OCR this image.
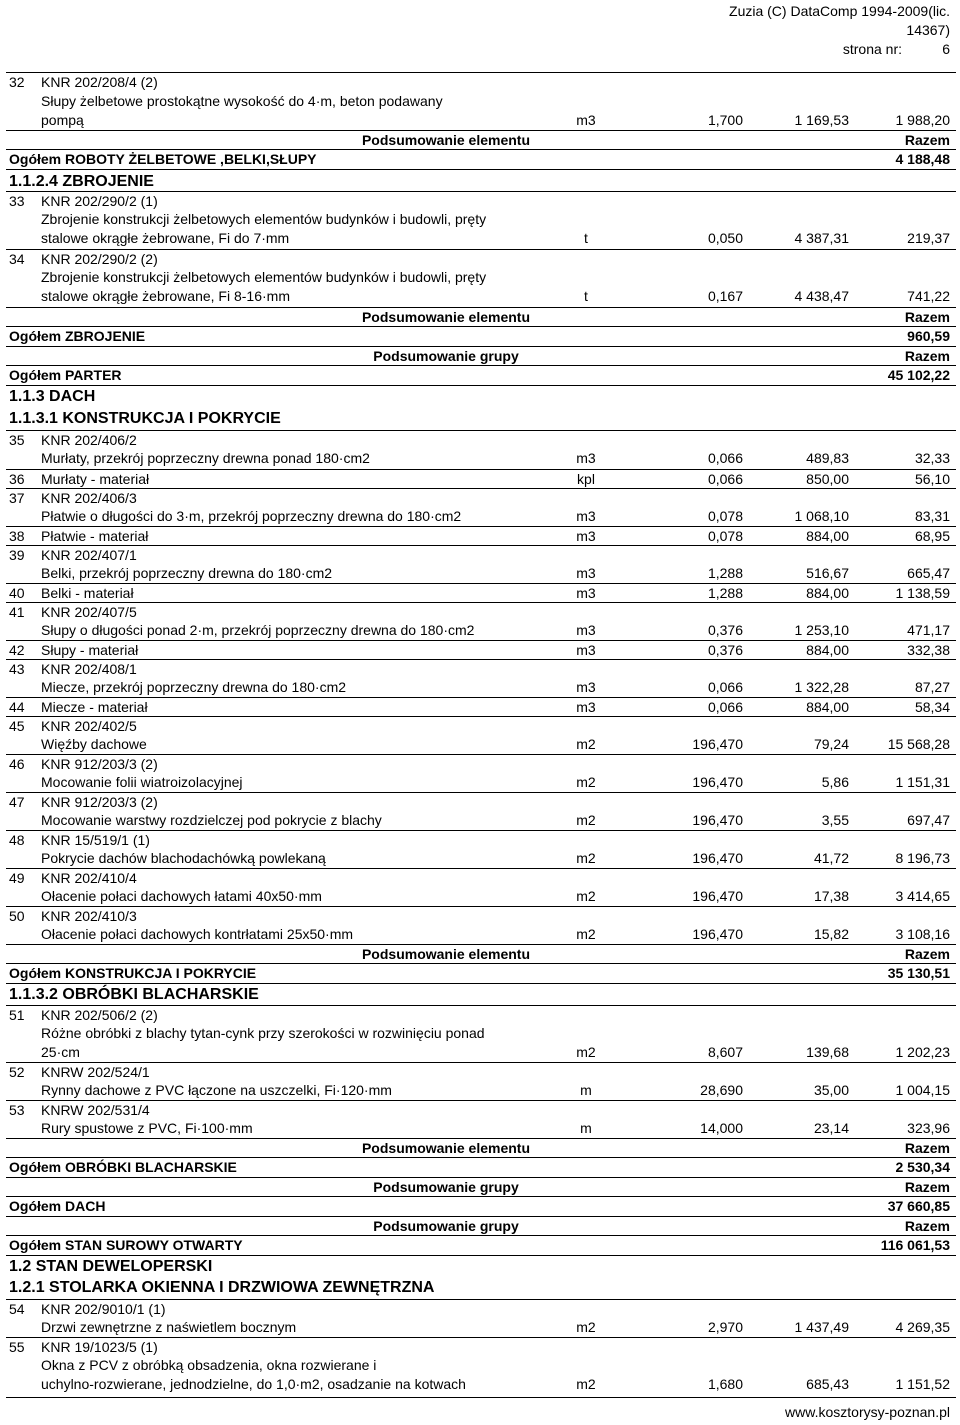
Zuzia (C) DataComp 1994-2009(lic.
14367)
strona nr:	6
32 KNR 202/208/4 (2)
Słupy żelbetowe prostokątne wysokość do 4·m, beton podawany
pompą	m3	1,700	1 169,53	1 988,20
Podsumowanie elementu	Razem
Ogółem ROBOTY ŻELBETOWE ,BELKI,SŁUPY	4 188,48
1.1.2.4 ZBROJENIE
33 KNR 202/290/2 (1)
Zbrojenie konstrukcji żelbetowych elementów budynków i budowli, pręty
stalowe okrągłe żebrowane, Fi do 7·mm	t	0,050	4 387,31	219,37
34 KNR 202/290/2 (2)
Zbrojenie konstrukcji żelbetowych elementów budynków i budowli, pręty
stalowe okrągłe żebrowane, Fi 8-16·mm	t	0,167	4 438,47	741,22
Podsumowanie elementu	Razem
Ogółem ZBROJENIE	960,59
Podsumowanie grupy	Razem
Ogółem PARTER	45 102,22
1.1.3 DACH
1.1.3.1 KONSTRUKCJA I POKRYCIE
35 KNR 202/406/2
Murłaty, przekrój poprzeczny drewna ponad 180·cm2	m3	0,066	489,83	32,33
36 Murłaty - materiał	kpl	0,066	850,00	56,10
37 KNR 202/406/3
Płatwie o długości do 3·m, przekrój poprzeczny drewna do 180·cm2	m3	0,078	1 068,10	83,31
38 Płatwie - materiał	m3	0,078	884,00	68,95
39 KNR 202/407/1
Belki, przekrój poprzeczny drewna do 180·cm2	m3	1,288	516,67	665,47
40 Belki - materiał	m3	1,288	884,00	1 138,59
41 KNR 202/407/5
Słupy o długości ponad 2·m, przekrój poprzeczny drewna do 180·cm2	m3	0,376	1 253,10	471,17
42 Słupy - materiał	m3	0,376	884,00	332,38
43 KNR 202/408/1
Miecze, przekrój poprzeczny drewna do 180·cm2	m3	0,066	1 322,28	87,27
44 Miecze - materiał	m3	0,066	884,00	58,34
45 KNR 202/402/5
Więźby dachowe	m2	196,470	79,24	15 568,28
46 KNR 912/203/3 (2)
Mocowanie folii wiatroizolacyjnej	m2	196,470	5,86	1 151,31
47 KNR 912/203/3 (2)
Mocowanie warstwy rozdzielczej pod pokrycie z blachy	m2	196,470	3,55	697,47
48 KNR 15/519/1 (1)
Pokrycie dachów blachodachówką powlekaną	m2	196,470	41,72	8 196,73
49 KNR 202/410/4
Ołacenie połaci dachowych łatami 40x50·mm	m2	196,470	17,38	3 414,65
50 KNR 202/410/3
Ołacenie połaci dachowych kontrłatami 25x50·mm	m2	196,470	15,82	3 108,16
Podsumowanie elementu	Razem
Ogółem KONSTRUKCJA I POKRYCIE	35 130,51
1.1.3.2 OBRÓBKI BLACHARSKIE
51 KNR 202/506/2 (2)
Różne obróbki z blachy tytan-cynk przy szerokości w rozwinięciu ponad
25·cm	m2	8,607	139,68	1 202,23
52 KNRW 202/524/1
Rynny dachowe z PVC łączone na uszczelki, Fi·120·mm	m	28,690	35,00	1 004,15
53 KNRW 202/531/4
Rury spustowe z PVC, Fi·100·mm	m	14,000	23,14	323,96
Podsumowanie elementu	Razem
Ogółem OBRÓBKI BLACHARSKIE	2 530,34
Podsumowanie grupy	Razem
Ogółem DACH	37 660,85
Podsumowanie grupy	Razem
Ogółem STAN SUROWY OTWARTY	116 061,53
1.2 STAN DEWELOPERSKI
1.2.1 STOLARKA OKIENNA I DRZWIOWA ZEWNĘTRZNA
54 KNR 202/9010/1 (1)
Drzwi zewnętrzne z naświetlem bocznym	m2	2,970	1 437,49	4 269,35
55 KNR 19/1023/5 (1)
Okna z PCV z obróbką obsadzenia, okna rozwierane i
uchylno-rozwierane, jednodzielne, do 1,0·m2, osadzanie na kotwach	m2	1,680	685,43	1 151,52
www.kosztorysy-poznan.pl
